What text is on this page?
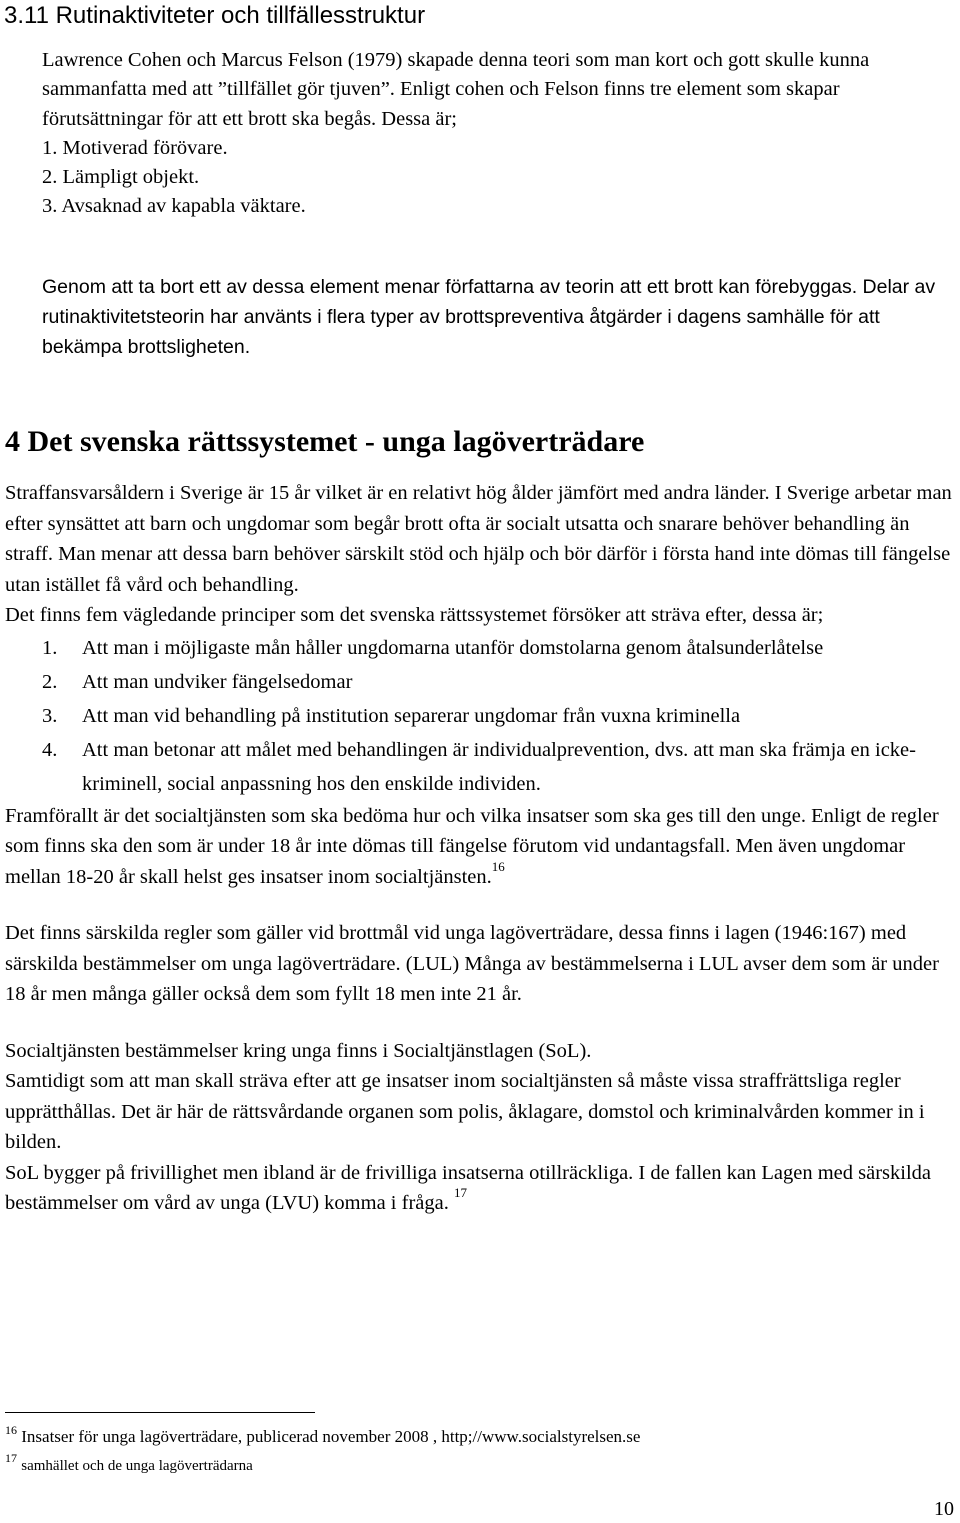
3.11 Rutinaktiviteter och tillfällesstruktur
Lawrence Cohen och Marcus Felson (1979) skapade denna teori som man kort och gott skulle kunna sammanfatta med att ”tillfället gör tjuven”. Enligt cohen och Felson finns tre element som skapar förutsättningar för att ett brott ska begås. Dessa är;
1. Motiverad förövare.
2. Lämpligt objekt.
3. Avsaknad av kapabla väktare.

Genom att ta bort ett av dessa element menar författarna av teorin att ett brott kan förebyggas. Delar av rutinaktivitetsteorin har använts i flera typer av brottspreventiva åtgärder i dagens samhälle för att bekämpa brottsligheten.

4 Det svenska rättssystemet - unga lagöverträdare

Straffansvarsåldern i Sverige är 15 år vilket är en relativt hög ålder jämfört med andra länder. I Sverige arbetar man efter synsättet att barn och ungdomar som begår brott ofta är socialt utsatta och snarare behöver behandling än straff. Man menar att dessa barn behöver särskilt stöd och hjälp och bör därför i första hand inte dömas till fängelse utan istället få vård och behandling.

Det finns fem vägledande principer som det svenska rättssystemet försöker att sträva efter, dessa är;

1. Att man i möjligaste mån håller ungdomarna utanför domstolarna genom åtalsunderlåtelse
2. Att man undviker fängelsedomar
3. Att man vid behandling på institution separerar ungdomar från vuxna kriminella
4. Att man betonar att målet med behandlingen är individualprevention, dvs. att man ska främja en icke-kriminell, social anpassning hos den enskilde individen.

Framförallt är det socialtjänsten som ska bedöma hur och vilka insatser som ska ges till den unge. Enligt de regler som finns ska den som är under 18 år inte dömas till fängelse förutom vid undantagsfall. Men även ungdomar mellan 18-20 år skall helst ges insatser inom socialtjänsten.$^{16}$

Det finns särskilda regler som gäller vid brottmål vid unga lagöverträdare, dessa finns i lagen (1946:167) med särskilda bestämmelser om unga lagöverträdare. (LUL) Många av bestämmelserna i LUL avser dem som är under 18 år men många gäller också dem som fyllt 18 men inte 21 år.

Socialtjänsten bestämmelser kring unga finns i Socialtjänstlagen (SoL).

Samtidigt som att man skall sträva efter att ge insatser inom socialtjänsten så måste vissa straffrättsliga regler upprätthållas. Det är här de rättsvårdande organen som polis, åklagare, domstol och kriminalvården kommer in i bilden.

SoL bygger på frivillighet men ibland är de frivilliga insatserna otillräckliga. I de fallen kan Lagen med särskilda bestämmelser om vård av unga (LVU) komma i fråga. $^{17}$

$^{16}$ Insatser för unga lagöverträdare, publicerad november 2008 , http;//www.socialstyrelsen.se
$^{17}$ samhället och de unga lagöverträdarna
10
